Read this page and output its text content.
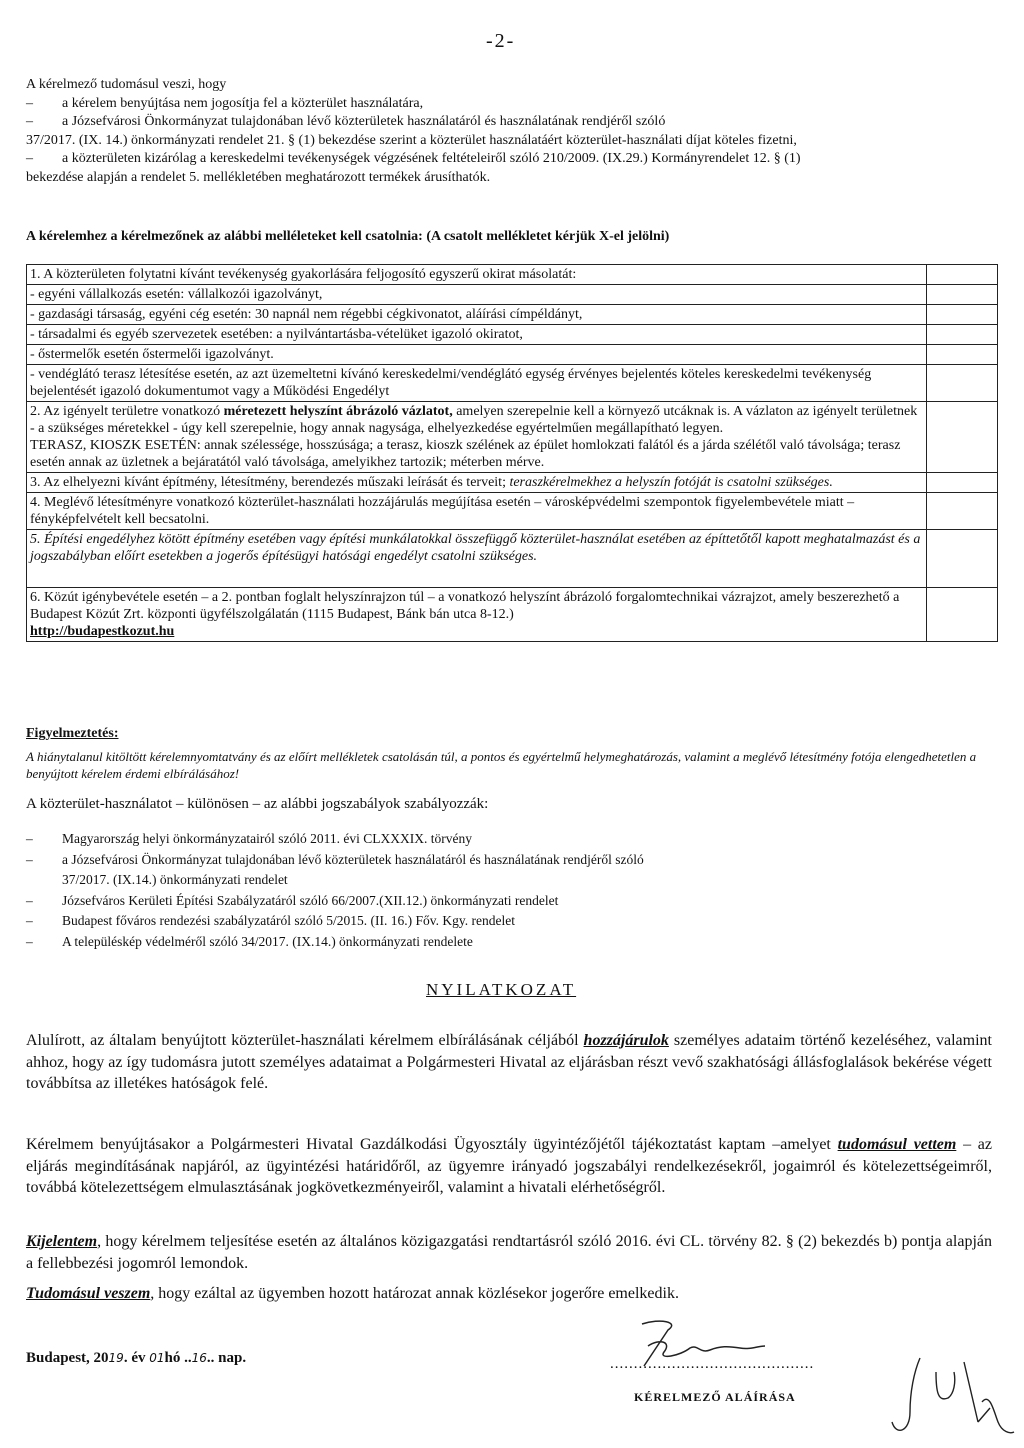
-2-

A kérelmező tudomásul veszi, hogy

–	a kérelem benyújtása nem jogosítja fel a közterület használatára,
–	a Józsefvárosi Önkormányzat tulajdonában lévő közterületek használatáról és használatának rendjéről szóló

37/2017. (IX. 14.) önkormányzati rendelet 21. § (1) bekezdése szerint a közterület használatáért közterület-használati díjat köteles fizetni,

–	a közterületen kizárólag a kereskedelmi tevékenységek végzésének feltételeiről szóló 210/2009. (IX.29.) Kormányrendelet 12. § (1)

bekezdése alapján a rendelet 5. mellékletében meghatározott termékek árusíthatók.

A kérelemhez a kérelmezőnek az alábbi melléleteket kell csatolnia: (A csatolt mellékletet kérjük X-el jelölni)
1. A közterületen folytatni kívánt tevékenység gyakorlására feljogosító egyszerű okirat másolatát:	
- egyéni vállalkozás esetén: vállalkozói igazolványt,	
- gazdasági társaság, egyéni cég esetén: 30 napnál nem régebbi cégkivonatot, aláírási címpéldányt,	
- társadalmi és egyéb szervezetek esetében: a nyilvántartásba-vételüket igazoló okiratot,	
- őstermelők esetén őstermelői igazolványt.	
- vendéglátó terasz létesítése esetén, az azt üzemeltetni kívánó kereskedelmi/vendéglátó egység érvényes bejelentés köteles kereskedelmi tevékenység bejelentését igazoló dokumentumot vagy a Működési Engedélyt	
2. Az igényelt területre vonatkozó méretezett helyszínt ábrázoló vázlatot, amelyen szerepelnie kell a környező utcáknak is. A vázlaton az igényelt területnek - a szükséges méretekkel - úgy kell szerepelnie, hogy annak nagysága, elhelyezkedése egyértelműen megállapítható legyen.
TERASZ, KIOSZK ESETÉN: annak szélessége, hosszúsága; a terasz, kioszk szélének az épület homlokzati falától és a járda szélétől való távolsága; terasz esetén annak az üzletnek a bejáratától való távolsága, amelyikhez tartozik; méterben mérve.	
3. Az elhelyezni kívánt építmény, létesítmény, berendezés műszaki leírását és terveit; teraszkérelmekhez a helyszín fotóját is csatolni szükséges.	
4. Meglévő létesítményre vonatkozó közterület-használati hozzájárulás megújítása esetén – városképvédelmi szempontok figyelembevétele miatt – fényképfelvételt kell becsatolni.	
5. Építési engedélyhez kötött építmény esetében vagy építési munkálatokkal összefüggő közterület-használat esetében az építtetőtől kapott meghatalmazást és a jogszabályban előírt esetekben a jogerős építésügyi hatósági engedélyt csatolni szükséges.	
6. Közút igénybevétele esetén – a 2. pontban foglalt helyszínrajzon túl – a vonatkozó helyszínt ábrázoló forgalomtechnikai vázrajzot, amely beszerezhető a Budapest Közút Zrt. központi ügyfélszolgálatán (1115 Budapest, Bánk bán utca 8-12.)
http://budapestkozut.hu	
Figyelmeztetés:
A hiánytalanul kitöltött kérelemnyomtatvány és az előírt mellékletek csatolásán túl, a pontos és egyértelmű helymeghatározás, valamint a meglévő létesítmény fotója elengedhetetlen a benyújtott kérelem érdemi elbírálásához!
A közterület-használatot – különösen – az alábbi jogszabályok szabályozzák:
–	Magyarország helyi önkormányzatairól szóló 2011. évi CLXXXIX. törvény
–	a Józsefvárosi Önkormányzat tulajdonában lévő közterületek használatáról és használatának rendjéről szóló
37/2017. (IX.14.) önkormányzati rendelet
–	Józsefváros Kerületi Építési Szabályzatáról szóló 66/2007.(XII.12.) önkormányzati rendelet
–	Budapest főváros rendezési szabályzatáról szóló 5/2015. (II. 16.) Főv. Kgy. rendelet
–	A településkép védelméről szóló 34/2017. (IX.14.) önkormányzati rendelete
NYILATKOZAT

Alulírott, az általam benyújtott közterület-használati kérelmem elbírálásának céljából hozzájárulok személyes adataim történő kezeléséhez, valamint ahhoz, hogy az így tudomásra jutott személyes adataimat a Polgármesteri Hivatal az eljárásban részt vevő szakhatósági állásfoglalások bekérése végett továbbítsa az illetékes hatóságok felé.

Kérelmem benyújtásakor a Polgármesteri Hivatal Gazdálkodási Ügyosztály ügyintézőjétől tájékoztatást kaptam –amelyet tudomásul vettem – az eljárás megindításának napjáról, az ügyintézési határidőről, az ügyemre irányadó jogszabályi rendelkezésekről, jogaimról és kötelezettségeimről, továbbá kötelezettségem elmulasztásának jogkövetkezményeiről, valamint a hivatali elérhetőségről.

Kijelentem, hogy kérelmem teljesítése esetén az általános közigazgatási rendtartásról szóló 2016. évi CL. törvény 82. § (2) bekezdés b) pontja alapján a fellebbezési jogomról lemondok.

Tudomásul veszem, hogy ezáltal az ügyemben hozott határozat annak közlésekor jogerőre emelkedik.

Budapest, 2019. év 01hó ..16.. nap.	...........................................
KÉRELMEZŐ ALÁÍRÁSA
